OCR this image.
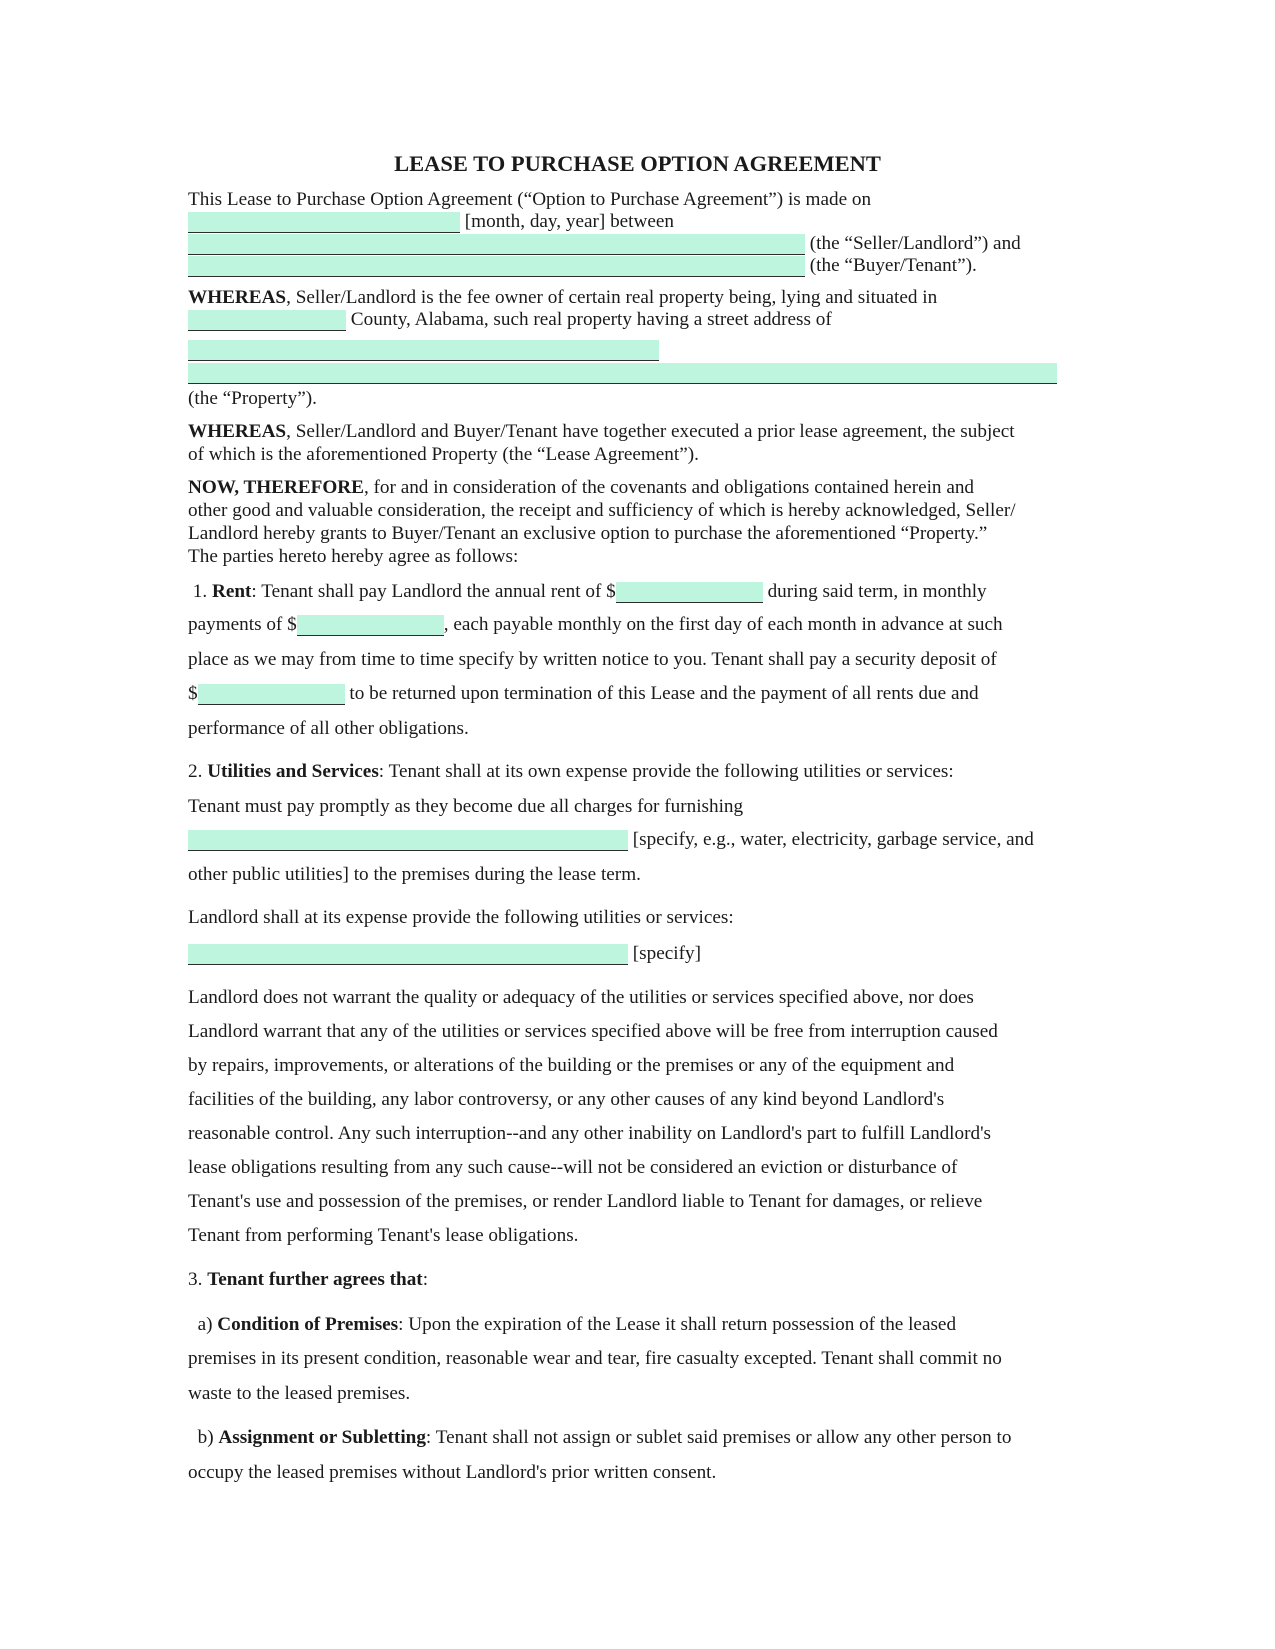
LEASE TO PURCHASE OPTION AGREEMENT
This Lease to Purchase Option Agreement (“Option to Purchase Agreement”) is made on
[month, day, year] between
(the “Seller/Landlord”) and
(the “Buyer/Tenant”).
WHEREAS, Seller/Landlord is the fee owner of certain real property being, lying and situated in
County, Alabama, such real property having a street address of
(the “Property”).
WHEREAS, Seller/Landlord and Buyer/Tenant have together executed a prior lease agreement, the subject
of which is the aforementioned Property (the “Lease Agreement”).
NOW, THEREFORE, for and in consideration of the covenants and obligations contained herein and
other good and valuable consideration, the receipt and sufficiency of which is hereby acknowledged, Seller/
Landlord hereby grants to Buyer/Tenant an exclusive option to purchase the aforementioned “Property.”
The parties hereto hereby agree as follows:
1. Rent: Tenant shall pay Landlord the annual rent of $	during said term, in monthly
payments of $	, each payable monthly on the first day of each month in advance at such
place as we may from time to time specify by written notice to you. Tenant shall pay a security deposit of
$	to be returned upon termination of this Lease and the payment of all rents due and
performance of all other obligations.
2. Utilities and Services: Tenant shall at its own expense provide the following utilities or services:
Tenant must pay promptly as they become due all charges for furnishing
[specify, e.g., water, electricity, garbage service, and
other public utilities] to the premises during the lease term.
Landlord shall at its expense provide the following utilities or services:
[specify]
Landlord does not warrant the quality or adequacy of the utilities or services specified above, nor does
Landlord warrant that any of the utilities or services specified above will be free from interruption caused
by repairs, improvements, or alterations of the building or the premises or any of the equipment and
facilities of the building, any labor controversy, or any other causes of any kind beyond Landlord's
reasonable control. Any such interruption--and any other inability on Landlord's part to fulfill Landlord's
lease obligations resulting from any such cause--will not be considered an eviction or disturbance of
Tenant's use and possession of the premises, or render Landlord liable to Tenant for damages, or relieve
Tenant from performing Tenant's lease obligations.
3. Tenant further agrees that:
a) Condition of Premises: Upon the expiration of the Lease it shall return possession of the leased
premises in its present condition, reasonable wear and tear, fire casualty excepted. Tenant shall commit no
waste to the leased premises.
b) Assignment or Subletting: Tenant shall not assign or sublet said premises or allow any other person to
occupy the leased premises without Landlord's prior written consent.
